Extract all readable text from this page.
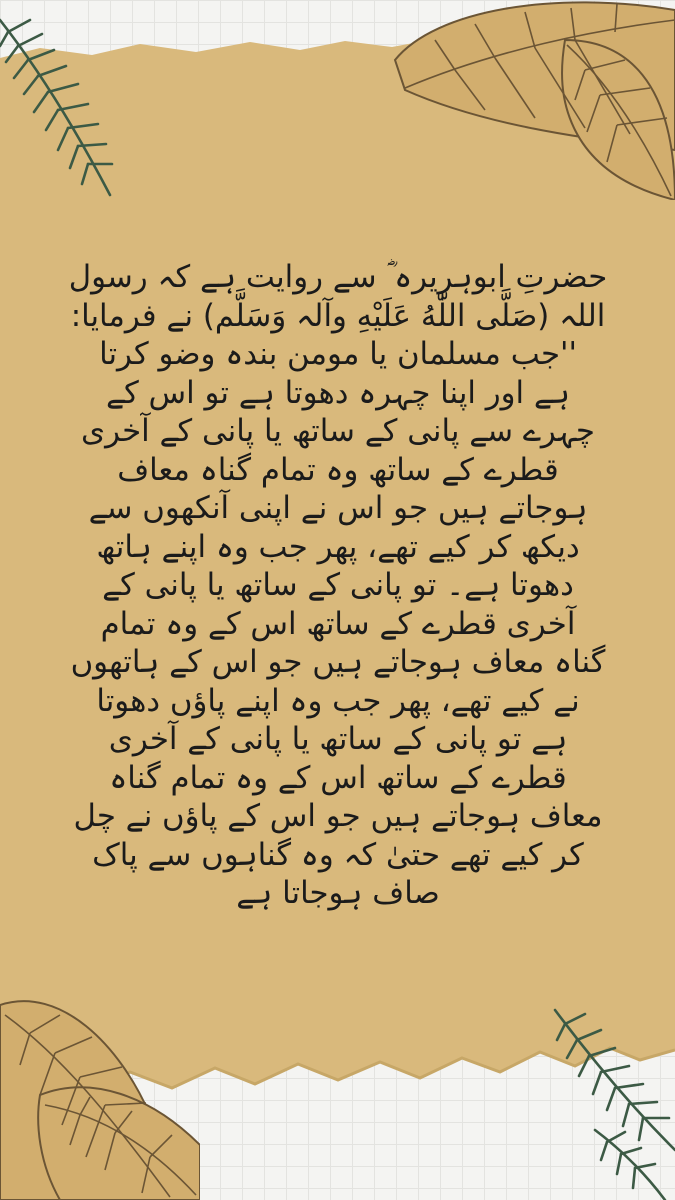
حضرتِ ابوہریرہ ؓ سے روایت ہے کہ رسول
اللہ (صَلَّى اللّٰهُ عَلَيْهِ وآلہ وَسَلَّم) نے فرمایا:
''جب مسلمان یا مومن بندہ وضو کرتا
ہے اور اپنا چہرہ دھوتا ہے تو اس کے
چہرے سے پانی کے ساتھ یا پانی کے آخری
قطرے کے ساتھ وہ تمام گناہ معاف
ہوجاتے ہیں جو اس نے اپنی آنکھوں سے
دیکھ کر کیے تھے، پھر جب وہ اپنے ہاتھ
دھوتا ہے۔ تو پانی کے ساتھ یا پانی کے
آخری قطرے کے ساتھ اس کے وہ تمام
گناہ معاف ہوجاتے ہیں جو اس کے ہاتھوں
نے کیے تھے، پھر جب وہ اپنے پاؤں دھوتا
ہے تو پانی کے ساتھ یا پانی کے آخری
قطرے کے ساتھ اس کے وہ تمام گناہ
معاف ہوجاتے ہیں جو اس کے پاؤں نے چل
کر کیے تھے حتیٰ کہ وہ گناہوں سے پاک
صاف ہوجاتا ہے
